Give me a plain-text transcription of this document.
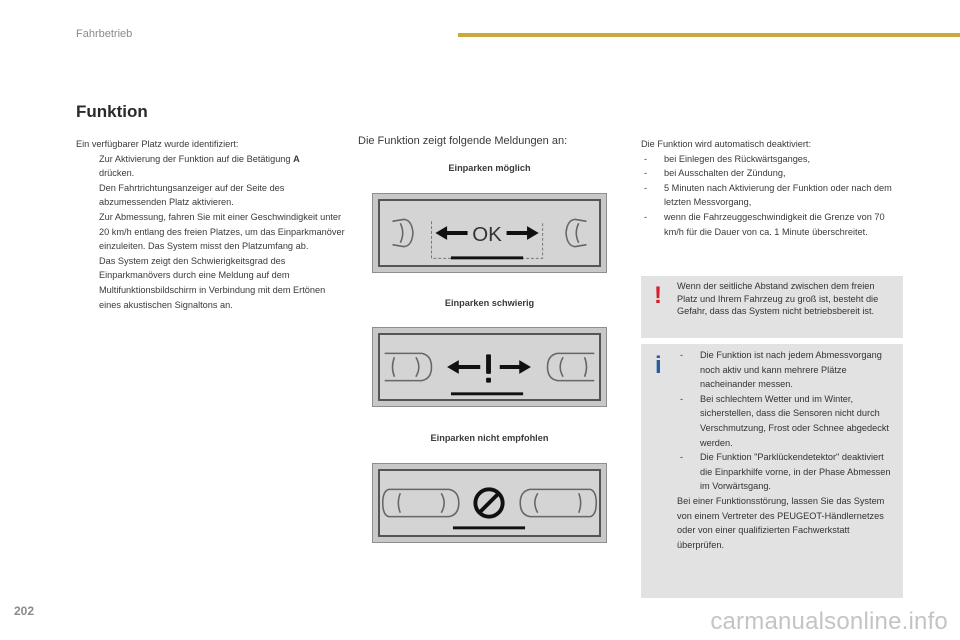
Fahrbetrieb
Funktion
Ein verfügbarer Platz wurde identifiziert:
Zur Aktivierung der Funktion auf die Betätigung A
drücken.
Den Fahrtrichtungsanzeiger auf der Seite des abzumessenden Platz aktivieren.
Zur Abmessung, fahren Sie mit einer Geschwindigkeit unter 20 km/h entlang des freien Platzes, um das Einparkmanöver einzuleiten. Das System misst den Platzumfang ab.
Das System zeigt den Schwierigkeitsgrad des Einparkmanövers durch eine Meldung auf dem Multifunktionsbildschirm in Verbindung mit dem Ertönen eines akustischen Signaltons an.
Die Funktion zeigt folgende Meldungen an:
Einparken möglich
OK
Einparken schwierig
Einparken nicht empfohlen
Die Funktion wird automatisch deaktiviert:
- bei Einlegen des Rückwärtsganges,
- bei Ausschalten der Zündung,
- 5 Minuten nach Aktivierung der Funktion oder nach dem letzten Messvorgang,
- wenn die Fahrzeuggeschwindigkeit die Grenze von 70 km/h für die Dauer von ca. 1 Minute überschreitet.
! Wenn der seitliche Abstand zwischen dem freien Platz und Ihrem Fahrzeug zu groß ist, besteht die Gefahr, dass das System nicht betriebsbereit ist.
i - Die Funktion ist nach jedem Abmessvorgang noch aktiv und kann mehrere Plätze nacheinander messen.
- Bei schlechtem Wetter und im Winter, sicherstellen, dass die Sensoren nicht durch Verschmutzung, Frost oder Schnee abgedeckt werden.
- Die Funktion "Parklückendetektor" deaktiviert die Einparkhilfe vorne, in der Phase Abmessen im Vorwärtsgang.
Bei einer Funktionsstörung, lassen Sie das System von einem Vertreter des PEUGEOT-Händlernetzes oder von einer qualifizierten Fachwerkstatt überprüfen.
202	carmanualsonline.info
